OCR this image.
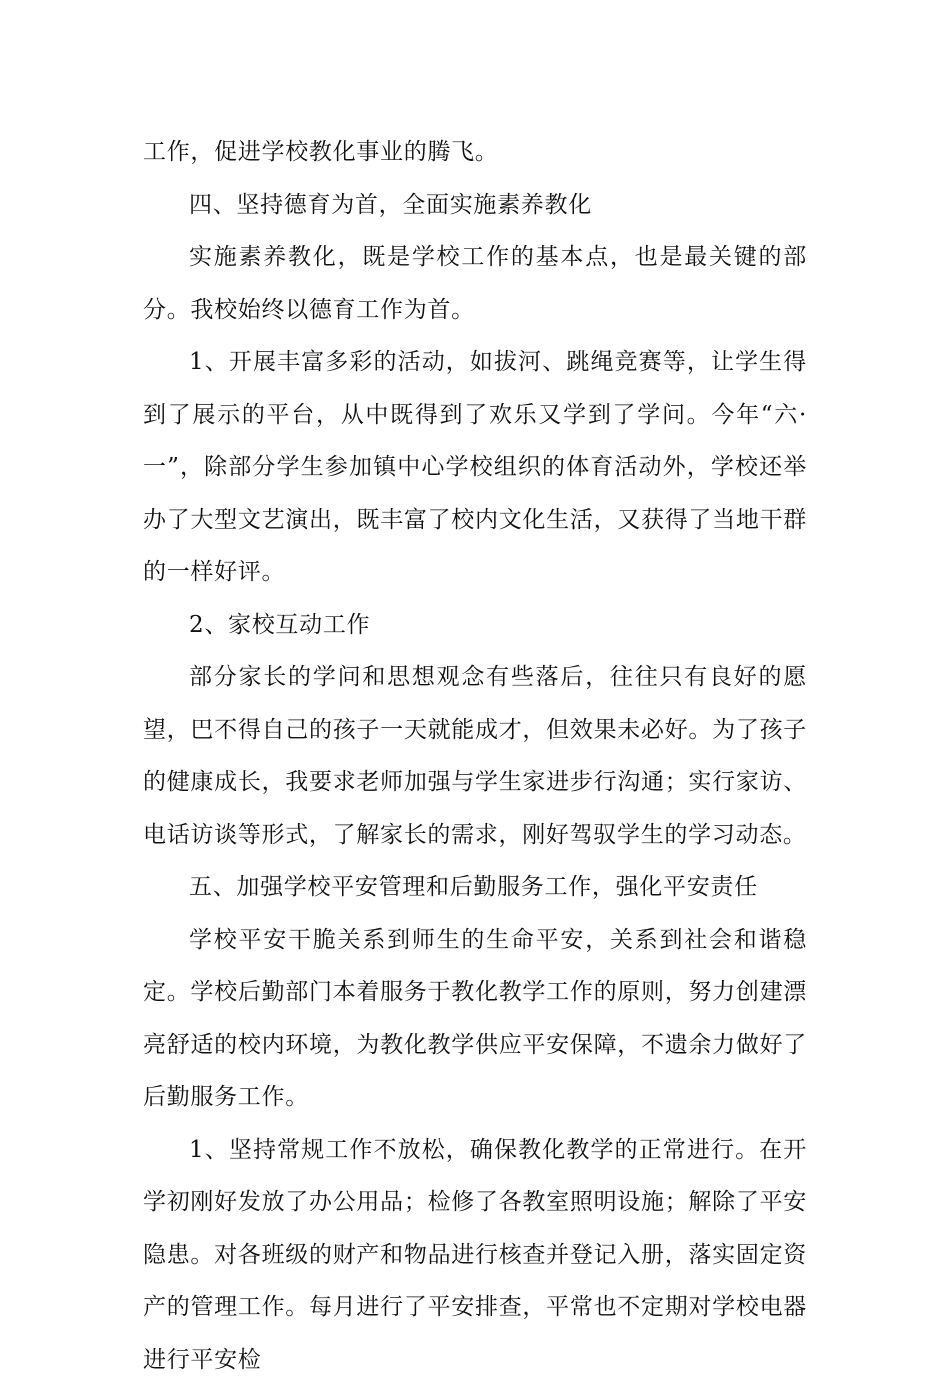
工作，促进学校教化事业的腾飞。

四、坚持德育为首，全面实施素养教化

实施素养教化，既是学校工作的基本点，也是最关键的部分。我校始终以德育工作为首。

1、开展丰富多彩的活动，如拔河、跳绳竞赛等，让学生得到了展示的平台，从中既得到了欢乐又学到了学问。今年“六·一”，除部分学生参加镇中心学校组织的体育活动外，学校还举办了大型文艺演出，既丰富了校内文化生活，又获得了当地干群的一样好评。

2、家校互动工作

部分家长的学问和思想观念有些落后，往往只有良好的愿望，巴不得自己的孩子一天就能成才，但效果未必好。为了孩子的健康成长，我要求老师加强与学生家进步行沟通；实行家访、电话访谈等形式，了解家长的需求，刚好驾驭学生的学习动态。

五、加强学校平安管理和后勤服务工作，强化平安责任

学校平安干脆关系到师生的生命平安，关系到社会和谐稳定。学校后勤部门本着服务于教化教学工作的原则，努力创建漂亮舒适的校内环境，为教化教学供应平安保障，不遗余力做好了后勤服务工作。

1、坚持常规工作不放松，确保教化教学的正常进行。在开学初刚好发放了办公用品；检修了各教室照明设施；解除了平安隐患。对各班级的财产和物品进行核查并登记入册，落实固定资产的管理工作。每月进行了平安排查，平常也不定期对学校电器进行平安检
